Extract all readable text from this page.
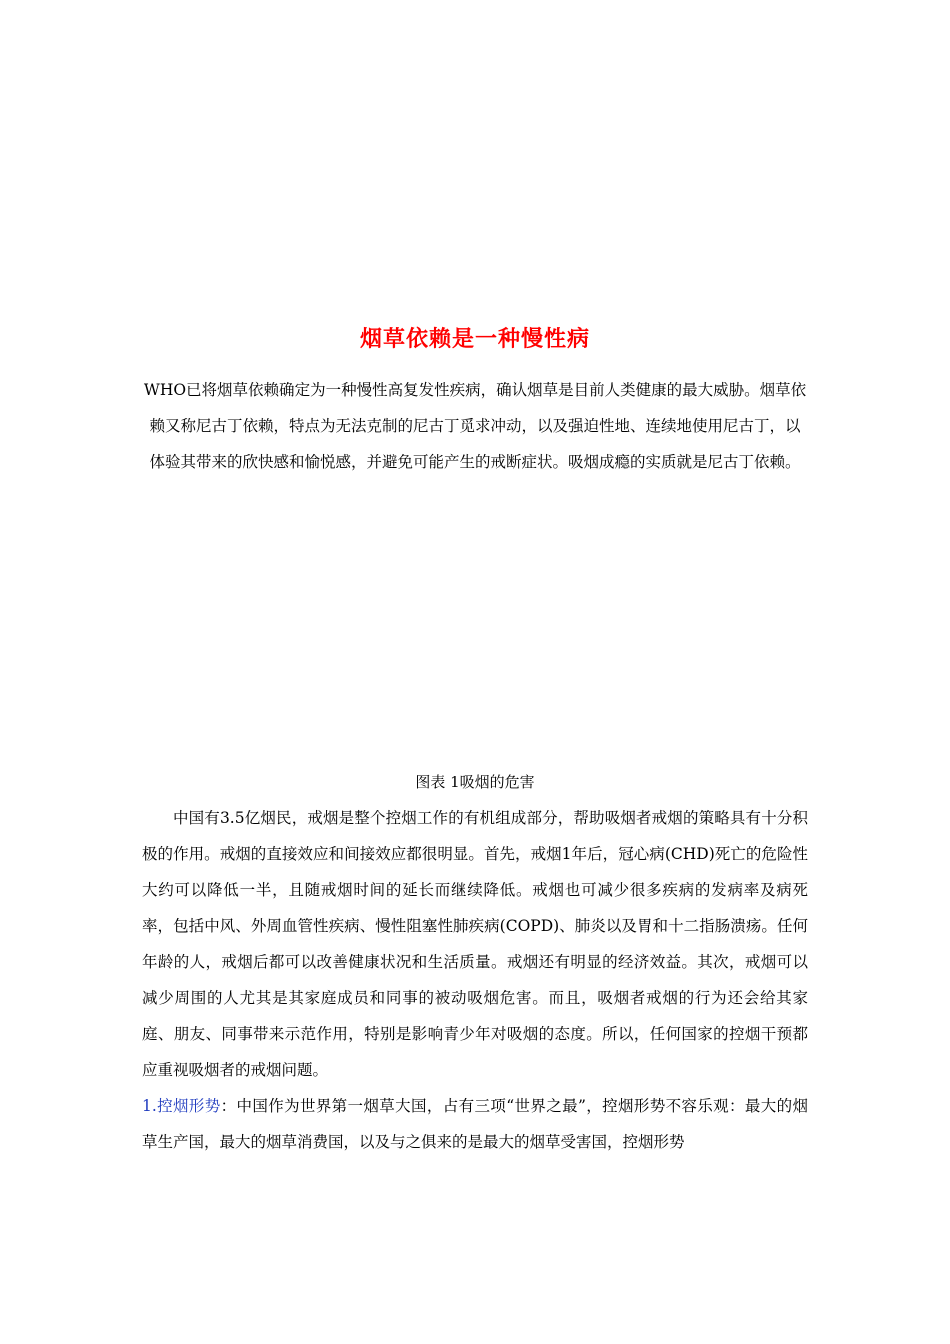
烟草依赖是一种慢性病
WHO已将烟草依赖确定为一种慢性高复发性疾病，确认烟草是目前人类健康的最大威胁。烟草依赖又称尼古丁依赖，特点为无法克制的尼古丁觅求冲动，以及强迫性地、连续地使用尼古丁，以体验其带来的欣快感和愉悦感，并避免可能产生的戒断症状。吸烟成瘾的实质就是尼古丁依赖。
图表 1吸烟的危害

中国有3.5亿烟民，戒烟是整个控烟工作的有机组成部分，帮助吸烟者戒烟的策略具有十分积极的作用。戒烟的直接效应和间接效应都很明显。首先，戒烟1年后，冠心病(CHD)死亡的危险性大约可以降低一半，且随戒烟时间的延长而继续降低。戒烟也可减少很多疾病的发病率及病死率，包括中风、外周血管性疾病、慢性阻塞性肺疾病(COPD)、肺炎以及胃和十二指肠溃疡。任何年龄的人，戒烟后都可以改善健康状况和生活质量。戒烟还有明显的经济效益。其次，戒烟可以减少周围的人尤其是其家庭成员和同事的被动吸烟危害。而且，吸烟者戒烟的行为还会给其家庭、朋友、同事带来示范作用，特别是影响青少年对吸烟的态度。所以，任何国家的控烟干预都应重视吸烟者的戒烟问题。

1.控烟形势：中国作为世界第一烟草大国，占有三项“世界之最”，控烟形势不容乐观：最大的烟草生产国，最大的烟草消费国，以及与之俱来的是最大的烟草受害国，控烟形势
